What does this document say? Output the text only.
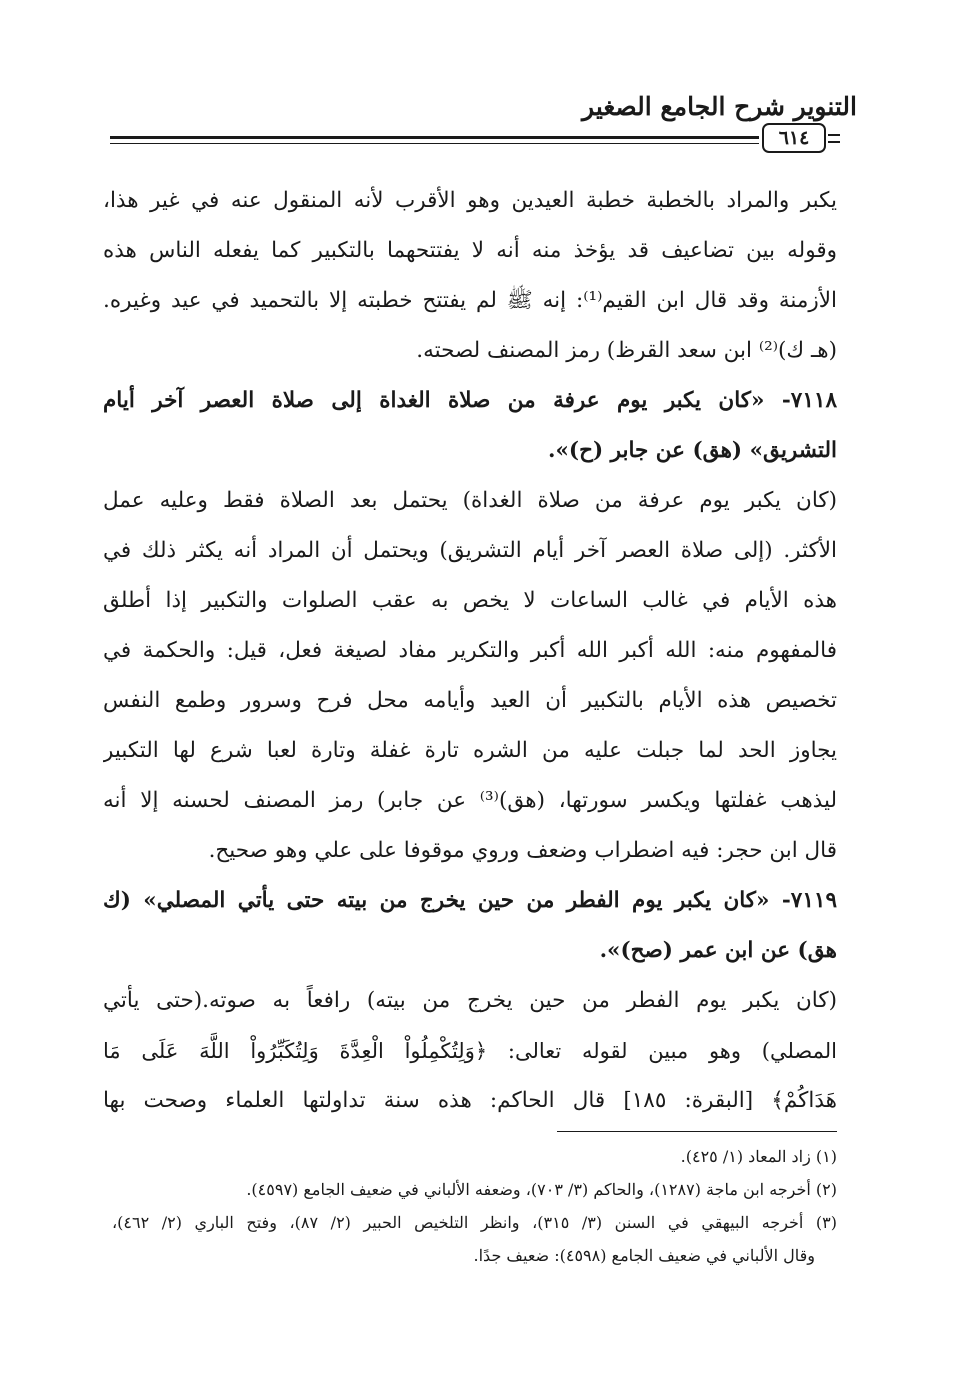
التنوير شرح الجامع الصغير
٦١٤
يكبر والمراد بالخطبة خطبة العيدين وهو الأقرب لأنه المنقول عنه في غير هذا،
وقوله بين تضاعيف قد يؤخذ منه أنه لا يفتتحهما بالتكبير كما يفعله الناس هذه
الأزمنة وقد قال ابن القيم⁽¹⁾: إنه ﷺ لم يفتتح خطبته إلا بالتحميد في عيد وغيره.
(هـ ك)⁽²⁾ ابن سعد القرظ) رمز المصنف لصحته.
٧١١٨- «كان يكبر يوم عرفة من صلاة الغداة إلى صلاة العصر آخر أيام
التشريق» (هق) عن جابر (ح)».
(كان يكبر يوم عرفة من صلاة الغداة) يحتمل بعد الصلاة فقط وعليه عمل
الأكثر. (إلى صلاة العصر آخر أيام التشريق) ويحتمل أن المراد أنه يكثر ذلك في
هذه الأيام في غالب الساعات لا يخص به عقب الصلوات والتكبير إذا أطلق
فالمفهوم منه: الله أكبر الله أكبر والتكرير مفاد لصيغة فعل، قيل: والحكمة في
تخصيص هذه الأيام بالتكبير أن العيد وأيامه محل فرح وسرور وطمع النفس
يجاوز الحد لما جبلت عليه من الشره تارة غفلة وتارة لعبا شرع لها التكبير
ليذهب غفلتها ويكسر سورتها، (هق)⁽³⁾ عن جابر) رمز المصنف لحسنه إلا أنه
قال ابن حجر: فيه اضطراب وضعف وروي موقوفا على علي وهو صحيح.
٧١١٩- «كان يكبر يوم الفطر من حين يخرج من بيته حتى يأتي المصلي» (ك
هق) عن ابن عمر (صح)».
(كان يكبر يوم الفطر من حين يخرج من بيته) رافعاً به صوته.(حتى يأتي
المصلي) وهو مبين لقوله تعالى: ﴿وَلِتُكْمِلُواْ الْعِدَّةَ وَلِتُكَبِّرُواْ اللَّهَ عَلَى مَا
هَدَاكُمْ﴾ [البقرة: ١٨٥] قال الحاكم: هذه سنة تداولتها العلماء وصحت بها
(١) زاد المعاد (١/ ٤٢٥).
(٢) أخرجه ابن ماجة (١٢٨٧)، والحاكم (٣/ ٧٠٣)، وضعفه الألباني في ضعيف الجامع (٤٥٩٧).
(٣) أخرجه البيهقي في السنن (٣/ ٣١٥)، وانظر التلخيص الحبير (٢/ ٨٧)، وفتح الباري (٢/ ٤٦٢)،
وقال الألباني في ضعيف الجامع (٤٥٩٨): ضعيف جدًا.
